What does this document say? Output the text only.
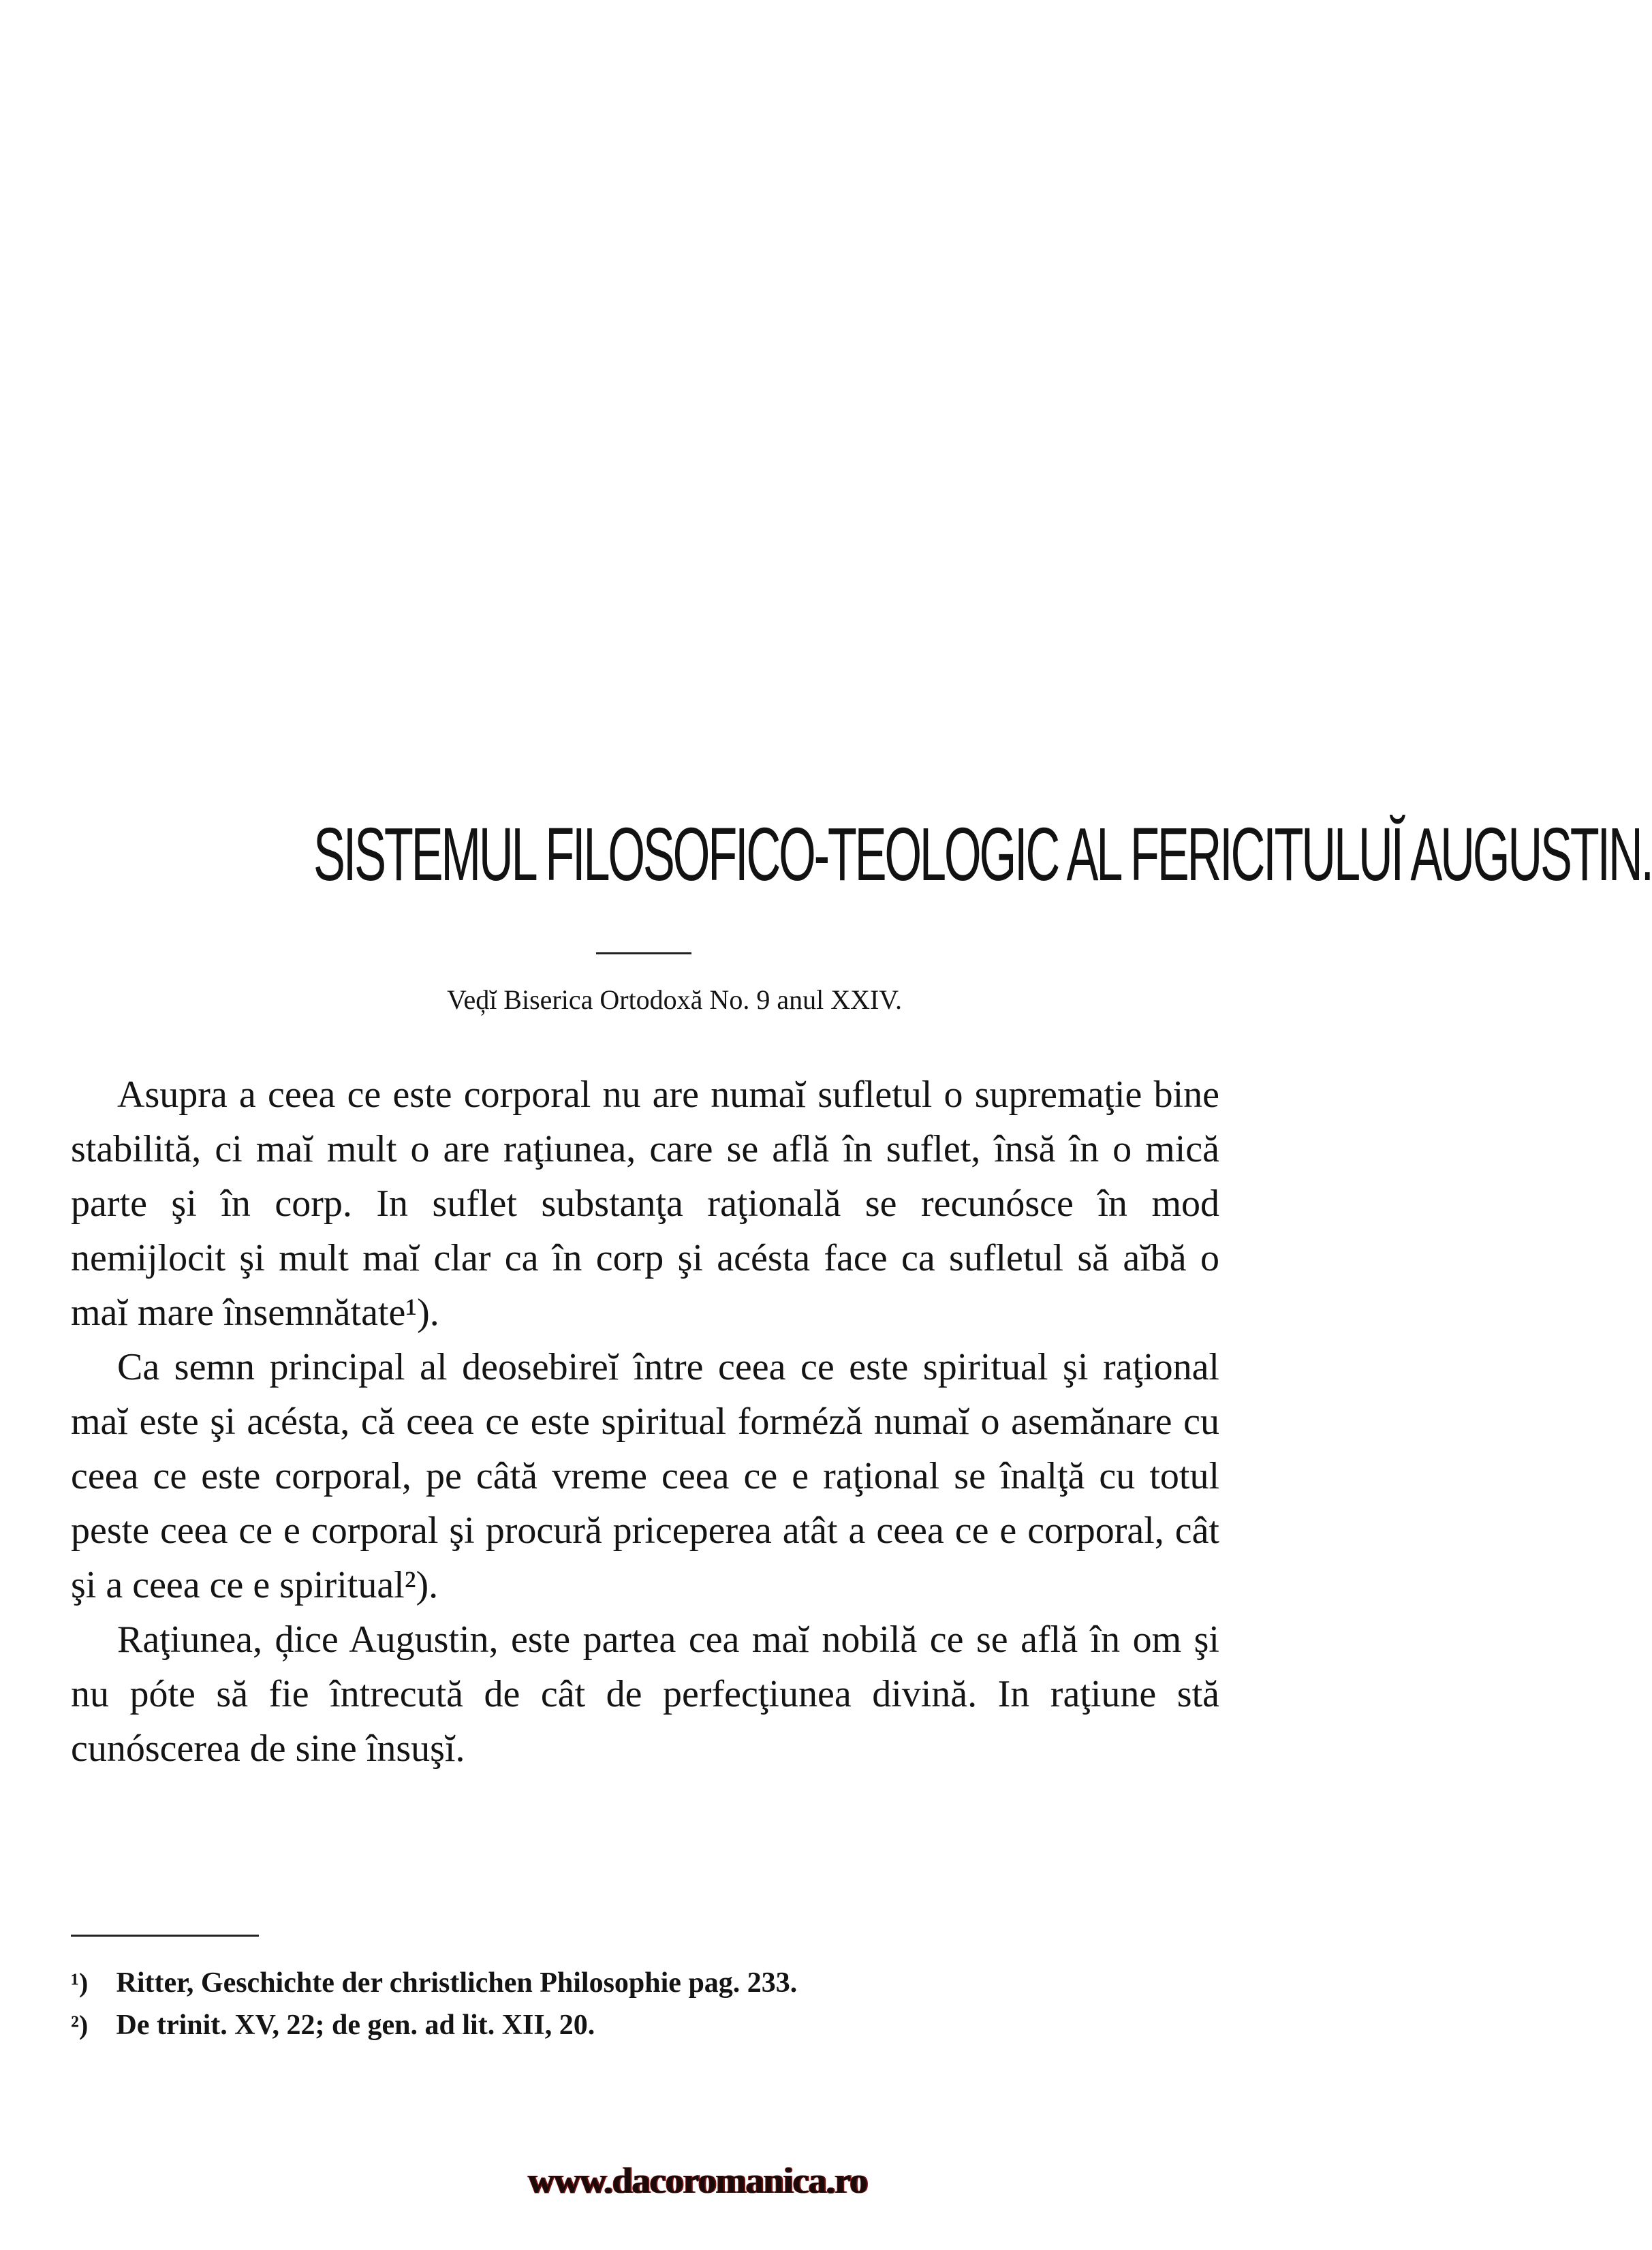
SISTEMUL FILOSOFICO-TEOLOGIC AL FERICITULUĬ AUGUSTIN.
Veḑĭ Biserica Ortodoxă No. 9 anul XXIV.

Asupra a ceea ce este corporal nu are numaĭ sufletul o supremaţie bine stabilită, ci maĭ mult o are raţiunea, care se află în suflet, însă în o mică parte şi în corp. In suflet substanţa raţională se recunósce în mod nemijlocit şi mult maĭ clar ca în corp şi acésta face ca sufletul să aĭbă o maĭ mare însemnătate¹).

Ca semn principal al deosebireĭ între ceea ce este spiritual şi raţional maĭ este şi acésta, că ceea ce este spiritual formézǎ numaĭ o asemănare cu ceea ce este corporal, pe câtă vreme ceea ce e raţional se înalţă cu totul peste ceea ce e corporal şi procură priceperea atât a ceea ce e corporal, cât şi a ceea ce e spiritual²).

Raţiunea, ḑice Augustin, este partea cea maĭ nobilă ce se află în om şi nu póte să fie întrecută de cât de perfecţiunea divină. In raţiune stă cunóscerea de sine însuşĭ.

¹) Ritter, Geschichte der christlichen Philosophie pag. 233.
²) De trinit. XV, 22; de gen. ad lit. XII, 20.
www.dacoromanica.ro
